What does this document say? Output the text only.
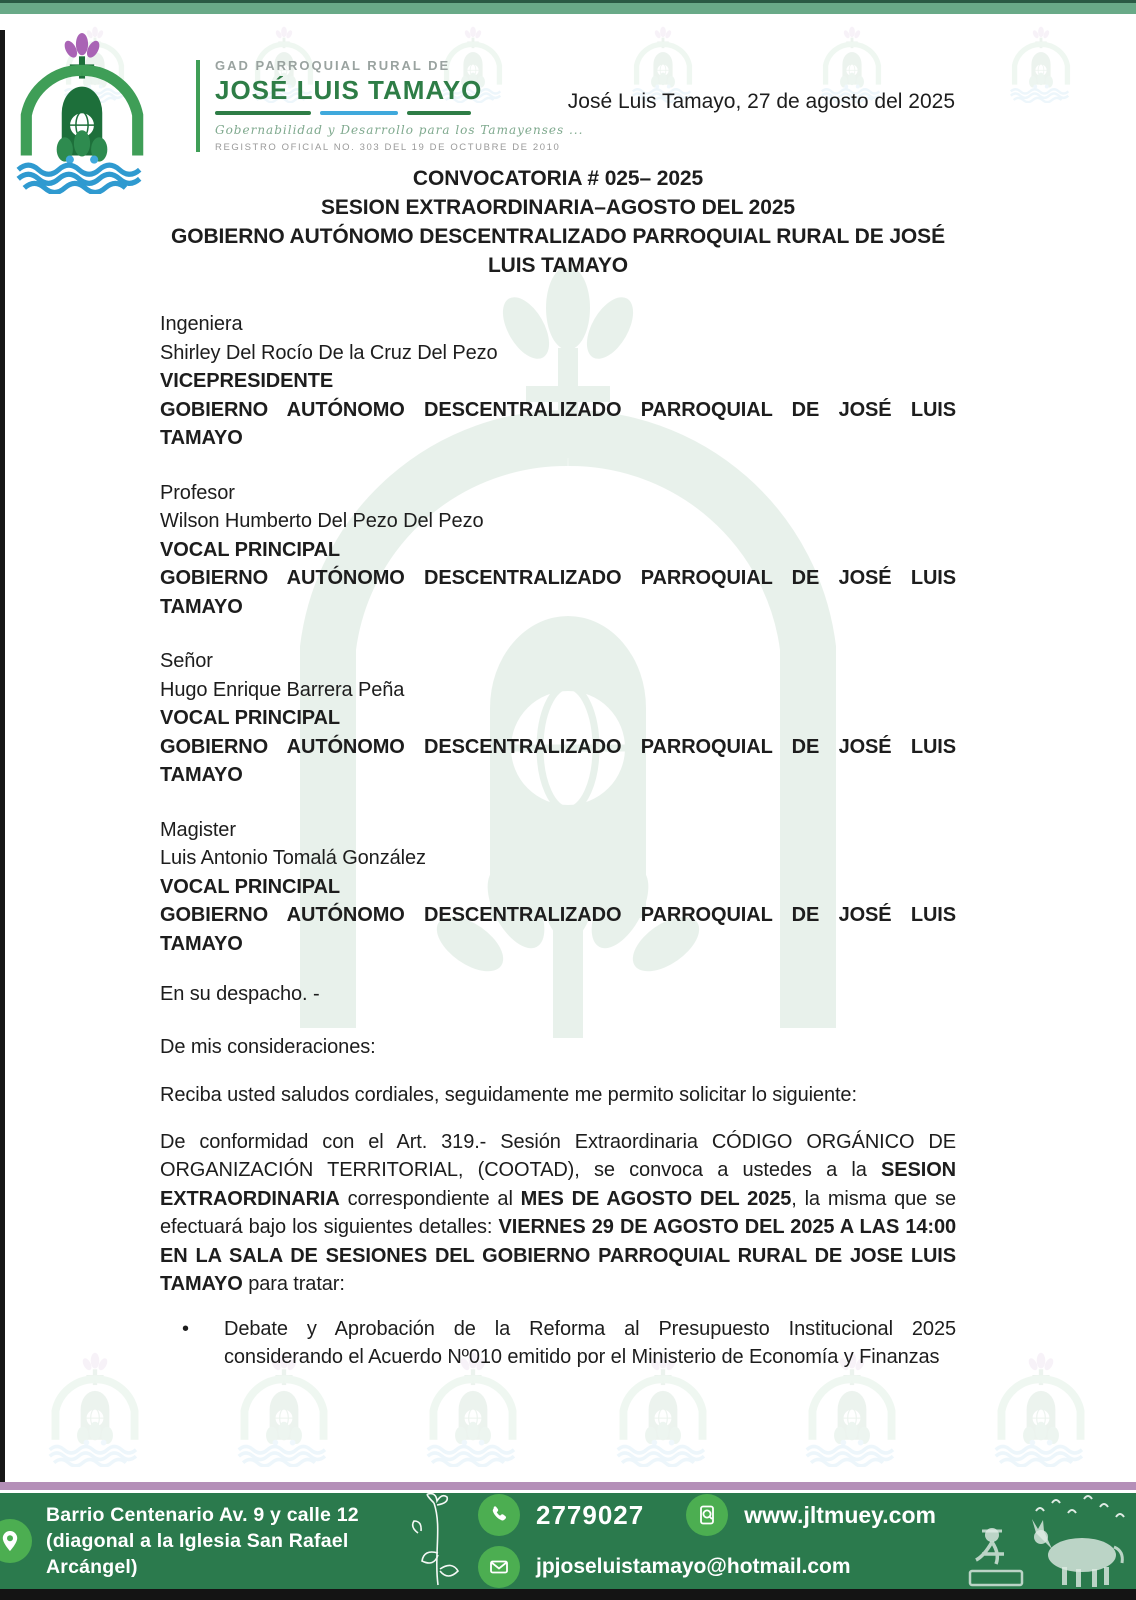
GAD PARROQUIAL RURAL DE
JOSÉ LUIS TAMAYO
Gobernabilidad y Desarrollo para los Tamayenses ...
REGISTRO OFICIAL NO. 303 DEL 19 DE OCTUBRE DE 2010
José Luis Tamayo, 27 de agosto del 2025
CONVOCATORIA # 025– 2025
SESION EXTRAORDINARIA–AGOSTO DEL 2025
GOBIERNO AUTÓNOMO DESCENTRALIZADO PARROQUIAL RURAL DE JOSÉ LUIS TAMAYO
Ingeniera
Shirley Del Rocío De la Cruz Del Pezo
VICEPRESIDENTE
GOBIERNO AUTÓNOMO DESCENTRALIZADO PARROQUIAL DE JOSÉ LUIS TAMAYO
Profesor
Wilson Humberto Del Pezo Del Pezo
VOCAL PRINCIPAL
GOBIERNO AUTÓNOMO DESCENTRALIZADO PARROQUIAL DE JOSÉ LUIS TAMAYO
Señor
Hugo Enrique Barrera Peña
VOCAL PRINCIPAL
GOBIERNO AUTÓNOMO DESCENTRALIZADO PARROQUIAL DE JOSÉ LUIS TAMAYO
Magister
Luis Antonio Tomalá González
VOCAL PRINCIPAL
GOBIERNO AUTÓNOMO DESCENTRALIZADO PARROQUIAL DE JOSÉ LUIS TAMAYO

En su despacho. -

De mis consideraciones:

Reciba usted saludos cordiales, seguidamente me permito solicitar lo siguiente:

De conformidad con el Art. 319.- Sesión Extraordinaria CÓDIGO ORGÁNICO DE ORGANIZACIÓN TERRITORIAL, (COOTAD), se convoca a ustedes a la SESION EXTRAORDINARIA correspondiente al MES DE AGOSTO DEL 2025, la misma que se efectuará bajo los siguientes detalles: VIERNES 29 DE AGOSTO DEL 2025 A LAS 14:00 EN LA SALA DE SESIONES DEL GOBIERNO PARROQUIAL RURAL DE JOSE LUIS TAMAYO para tratar:

•	Debate y Aprobación de la Reforma al Presupuesto Institucional 2025 considerando el Acuerdo Nº010 emitido por el Ministerio de Economía y Finanzas
Barrio Centenario Av. 9 y calle 12 (diagonal a la Iglesia San Rafael Arcángel)
2779027	www.jltmuey.com
jpjoseluistamayo@hotmail.com
